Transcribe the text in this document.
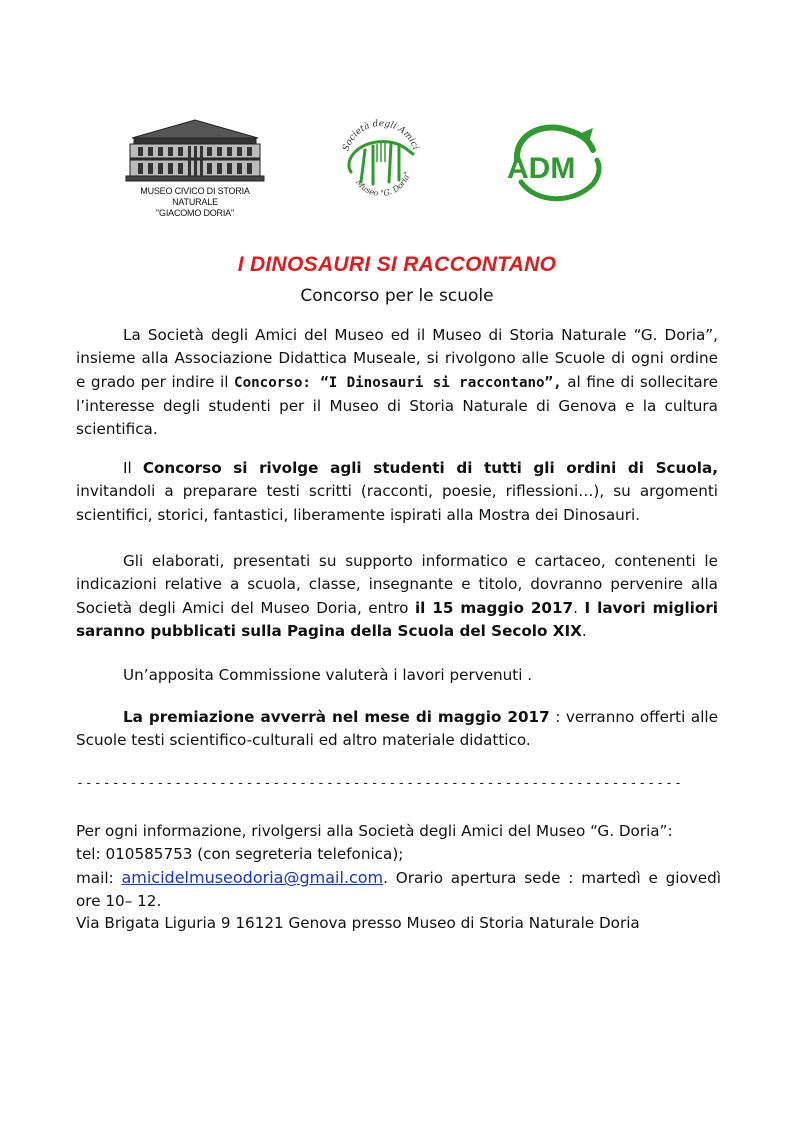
MUSEO CIVICO DI STORIA NATURALE
"GIACOMO DORIA"
Società degli Amici
Museo "G. Doria"	ADM
I DINOSAURI SI RACCONTANO
Concorso per le scuole
La Società degli Amici del Museo ed il Museo di Storia Naturale “G. Doria”, insieme alla Associazione Didattica Museale, si rivolgono alle Scuole di ogni ordine e grado per indire il Concorso: “I Dinosauri si raccontano”, al fine di sollecitare l’interesse degli studenti per il Museo di Storia Naturale di Genova e la cultura scientifica.
Il Concorso si rivolge agli studenti di tutti gli ordini di Scuola, invitandoli a preparare testi scritti (racconti, poesie, riflessioni…), su argomenti scientifici, storici, fantastici, liberamente ispirati alla Mostra dei Dinosauri.
Gli elaborati, presentati su supporto informatico e cartaceo, contenenti le indicazioni relative a scuola, classe, insegnante e titolo, dovranno pervenire alla Società degli Amici del Museo Doria, entro il 15 maggio 2017. I lavori migliori saranno pubblicati sulla Pagina della Scuola del Secolo XIX.
Un’apposita Commissione valuterà i lavori pervenuti .
La premiazione avverrà nel mese di maggio 2017 : verranno offerti alle Scuole testi scientifico-culturali ed altro materiale didattico.
--------------------------------------------------------------------
Per ogni informazione, rivolgersi alla Società degli Amici del Museo “G. Doria”:
tel: 010585753 (con segreteria telefonica);
mail: amicidelmuseodoria@gmail.com. Orario apertura sede : martedì e giovedì ore 10– 12.
Via Brigata Liguria 9 16121 Genova presso Museo di Storia Naturale Doria
